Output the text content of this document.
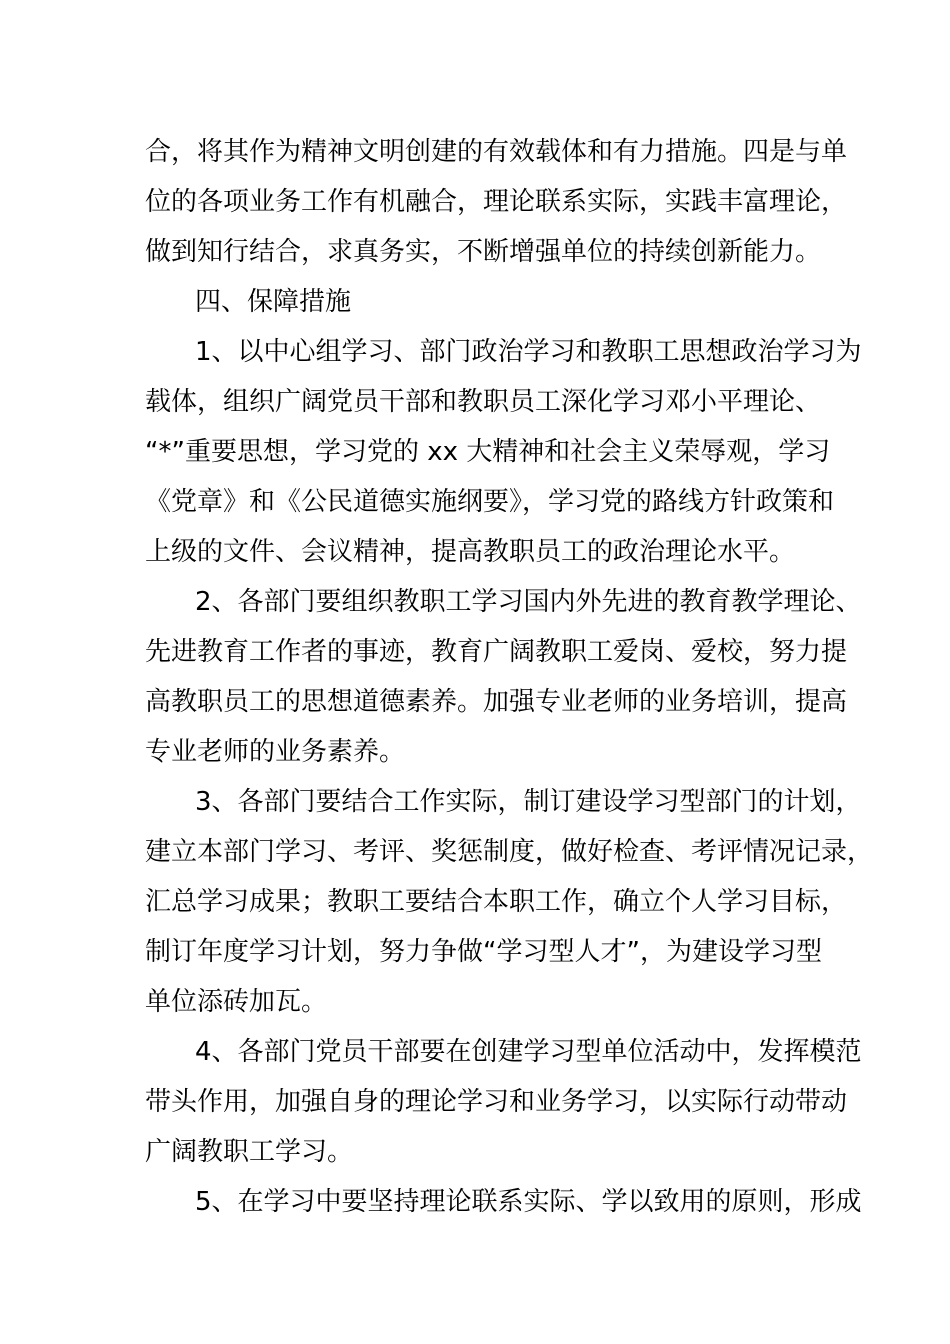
合，将其作为精神文明创建的有效载体和有力措施。四是与单
位的各项业务工作有机融合，理论联系实际，实践丰富理论，
做到知行结合，求真务实，不断增强单位的持续创新能力。
四、保障措施
1、以中心组学习、部门政治学习和教职工思想政治学习为
载体，组织广阔党员干部和教职员工深化学习邓小平理论、
“*”重要思想，学习党的 xx 大精神和社会主义荣辱观，学习
《党章》和《公民道德实施纲要》，学习党的路线方针政策和
上级的文件、会议精神，提高教职员工的政治理论水平。
2、各部门要组织教职工学习国内外先进的教育教学理论、
先进教育工作者的事迹，教育广阔教职工爱岗、爱校，努力提
高教职员工的思想道德素养。加强专业老师的业务培训，提高
专业老师的业务素养。
3、各部门要结合工作实际，制订建设学习型部门的计划，
建立本部门学习、考评、奖惩制度，做好检查、考评情况记录，
汇总学习成果；教职工要结合本职工作，确立个人学习目标，
制订年度学习计划，努力争做“学习型人才”，为建设学习型
单位添砖加瓦。
4、各部门党员干部要在创建学习型单位活动中，发挥模范
带头作用，加强自身的理论学习和业务学习，以实际行动带动
广阔教职工学习。
5、在学习中要坚持理论联系实际、学以致用的原则，形成
